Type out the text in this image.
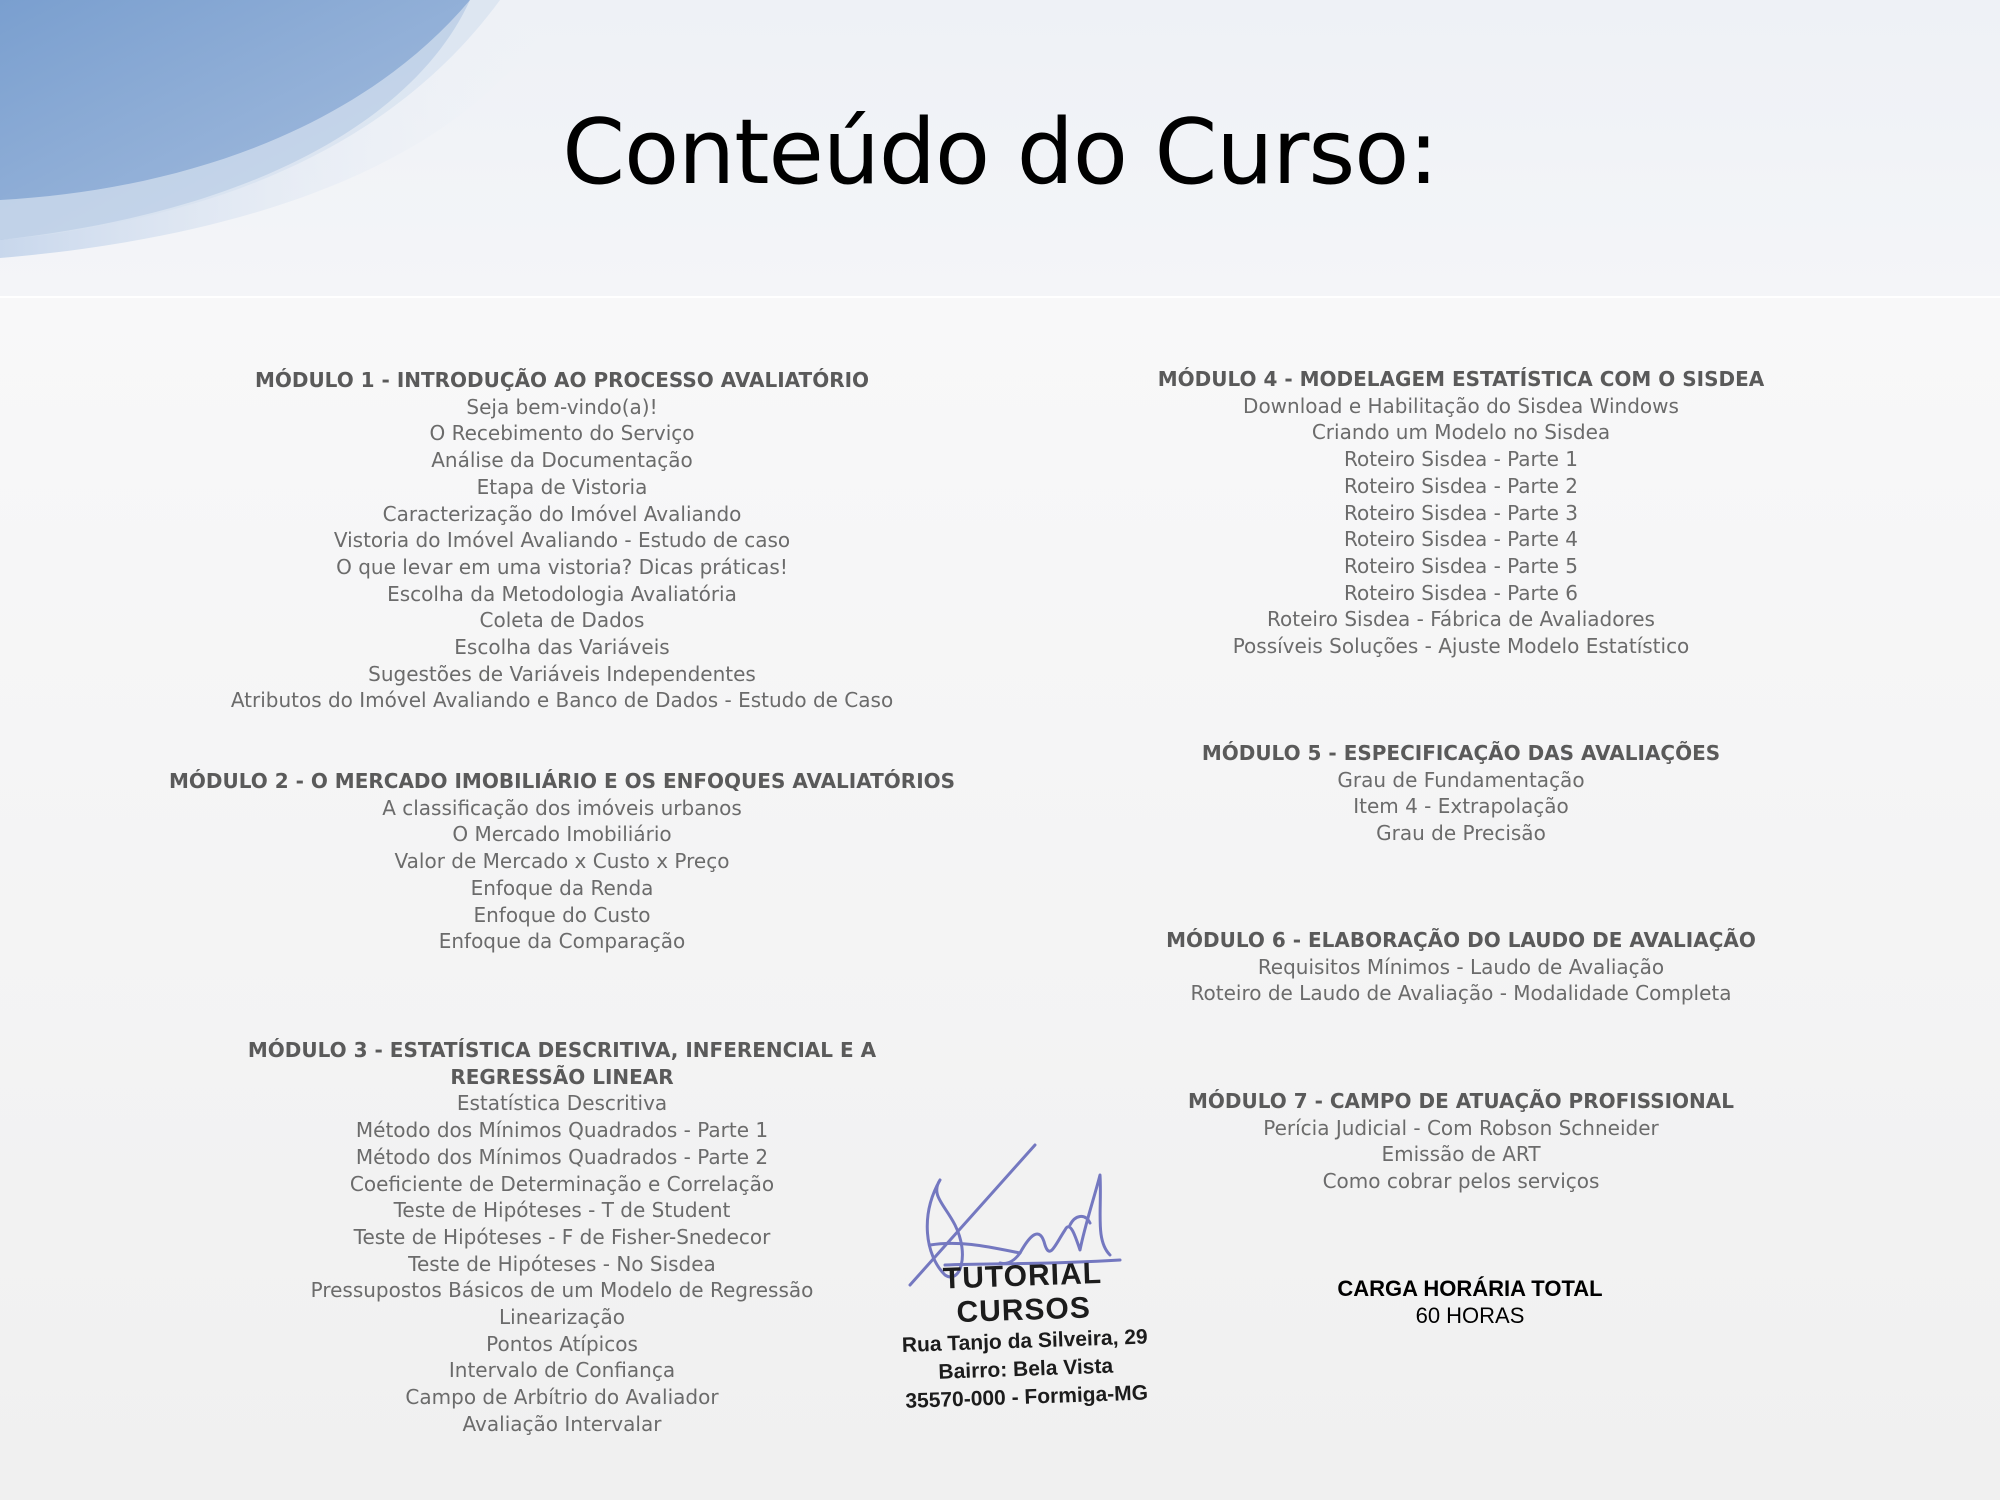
Conteúdo do Curso:
MÓDULO 1 - INTRODUÇÃO AO PROCESSO AVALIATÓRIO
Seja bem-vindo(a)!
O Recebimento do Serviço
Análise da Documentação
Etapa de Vistoria
Caracterização do Imóvel Avaliando
Vistoria do Imóvel Avaliando - Estudo de caso
O que levar em uma vistoria? Dicas práticas!
Escolha da Metodologia Avaliatória
Coleta de Dados
Escolha das Variáveis
Sugestões de Variáveis Independentes
Atributos do Imóvel Avaliando e Banco de Dados - Estudo de Caso
MÓDULO 2 - O MERCADO IMOBILIÁRIO E OS ENFOQUES AVALIATÓRIOS
A classificação dos imóveis urbanos
O Mercado Imobiliário
Valor de Mercado x Custo x Preço
Enfoque da Renda
Enfoque do Custo
Enfoque da Comparação
MÓDULO 3 - ESTATÍSTICA DESCRITIVA, INFERENCIAL E A REGRESSÃO LINEAR
Estatística Descritiva
Método dos Mínimos Quadrados - Parte 1
Método dos Mínimos Quadrados - Parte 2
Coeficiente de Determinação e Correlação
Teste de Hipóteses - T de Student
Teste de Hipóteses - F de Fisher-Snedecor
Teste de Hipóteses - No Sisdea
Pressupostos Básicos de um Modelo de Regressão
Linearização
Pontos Atípicos
Intervalo de Confiança
Campo de Arbítrio do Avaliador
Avaliação Intervalar
MÓDULO 4 - MODELAGEM ESTATÍSTICA COM O SISDEA
Download e Habilitação do Sisdea Windows
Criando um Modelo no Sisdea
Roteiro Sisdea - Parte 1
Roteiro Sisdea - Parte 2
Roteiro Sisdea - Parte 3
Roteiro Sisdea - Parte 4
Roteiro Sisdea - Parte 5
Roteiro Sisdea - Parte 6
Roteiro Sisdea - Fábrica de Avaliadores
Possíveis Soluções - Ajuste Modelo Estatístico
MÓDULO 5 - ESPECIFICAÇÃO DAS AVALIAÇÕES
Grau de Fundamentação
Item 4 - Extrapolação
Grau de Precisão
MÓDULO 6 - ELABORAÇÃO DO LAUDO DE AVALIAÇÃO
Requisitos Mínimos - Laudo de Avaliação
Roteiro de Laudo de Avaliação - Modalidade Completa
MÓDULO 7 - CAMPO DE ATUAÇÃO PROFISSIONAL
Perícia Judicial - Com Robson Schneider
Emissão de ART
Como cobrar pelos serviços
CARGA HORÁRIA TOTAL
60 HORAS
TUTORIAL CURSOS
Rua Tanjo da Silveira, 29
Bairro: Bela Vista
35570-000 - Formiga-MG
